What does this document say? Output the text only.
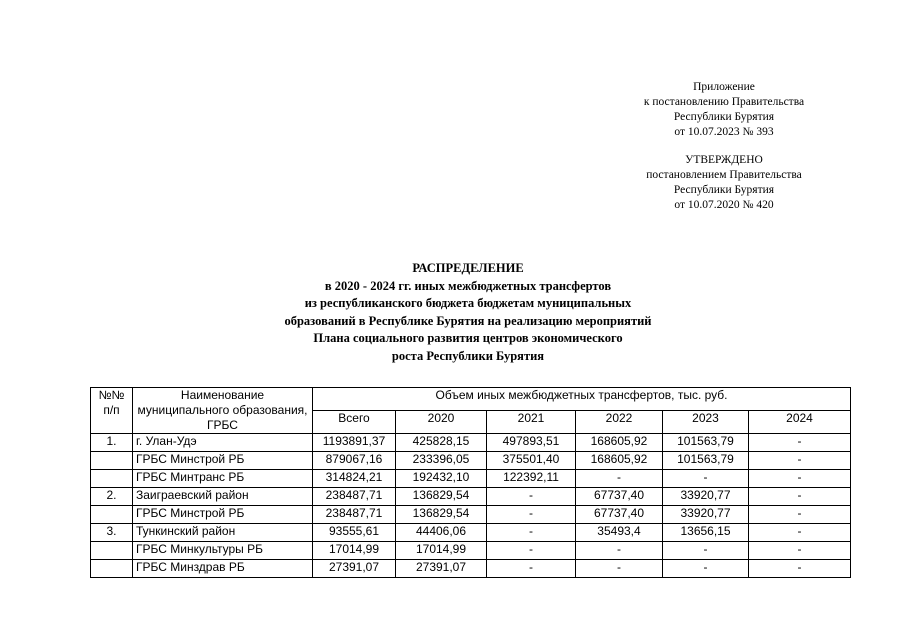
Приложение
к постановлению Правительства
Республики Бурятия
от 10.07.2023 № 393
УТВЕРЖДЕНО
постановлением Правительства
Республики Бурятия
от 10.07.2020 № 420
РАСПРЕДЕЛЕНИЕ
в 2020 - 2024 гг. иных межбюджетных трансфертов
из республиканского бюджета бюджетам муниципальных
образований в Республике Бурятия на реализацию мероприятий
Плана социального развития центров экономического
роста Республики Бурятия
№№ п/п	Наименование муниципального образования, ГРБС	Объем иных межбюджетных трансфертов, тыс. руб.					
		Всего	2020	2021	2022	2023	2024
1.	г. Улан-Удэ	1193891,37	425828,15	497893,51	168605,92	101563,79	-
	ГРБС Минстрой РБ	879067,16	233396,05	375501,40	168605,92	101563,79	-
	ГРБС Минтранс РБ	314824,21	192432,10	122392,11	-	-	-
2.	Заиграевский район	238487,71	136829,54	-	67737,40	33920,77	-
	ГРБС Минстрой РБ	238487,71	136829,54	-	67737,40	33920,77	-
3.	Тункинский район	93555,61	44406,06	-	35493,4	13656,15	-
	ГРБС Минкультуры РБ	17014,99	17014,99	-	-	-	-
	ГРБС Минздрав РБ	27391,07	27391,07	-	-	-	-
